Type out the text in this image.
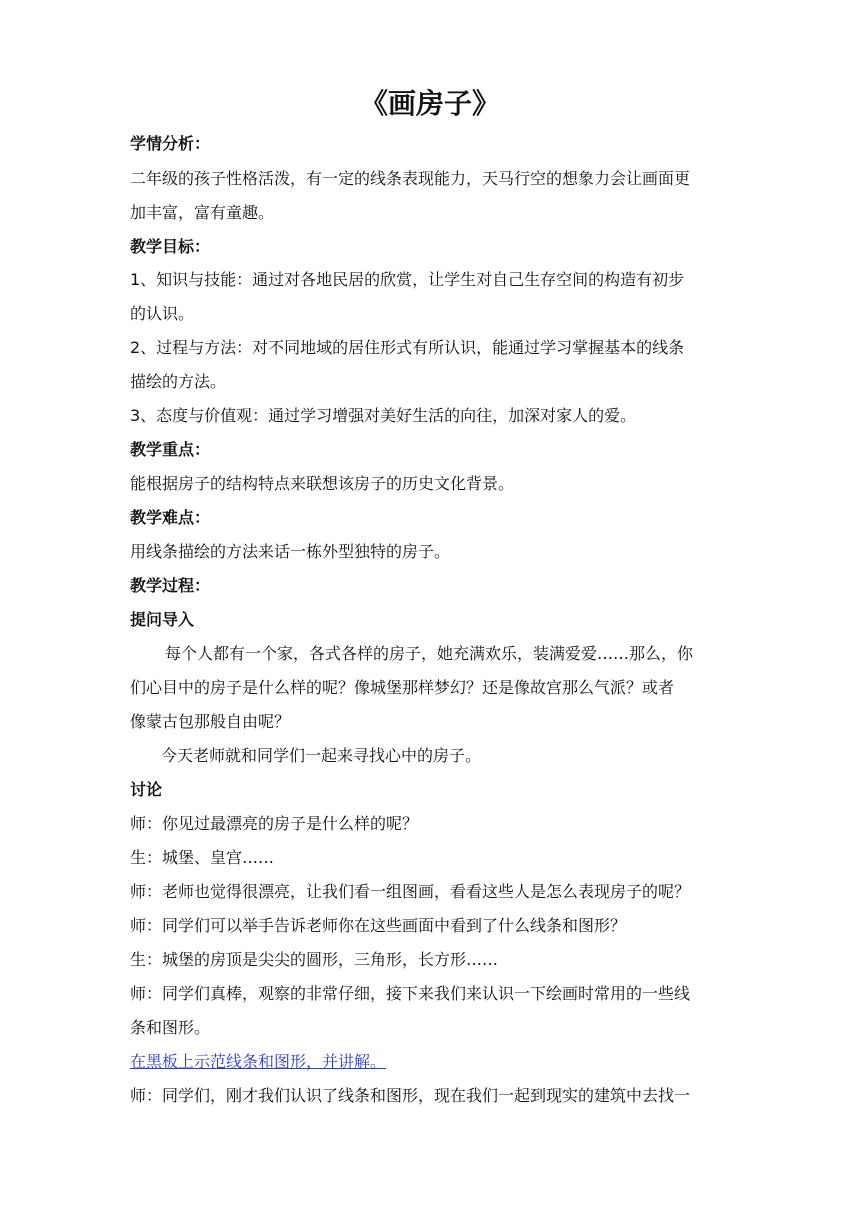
《画房子》
学情分析：
二年级的孩子性格活泼，有一定的线条表现能力，天马行空的想象力会让画面更
加丰富，富有童趣。
教学目标：
1、知识与技能：通过对各地民居的欣赏，让学生对自己生存空间的构造有初步
的认识。
2、过程与方法：对不同地域的居住形式有所认识，能通过学习掌握基本的线条
描绘的方法。
3、态度与价值观：通过学习增强对美好生活的向往，加深对家人的爱。
教学重点：
能根据房子的结构特点来联想该房子的历史文化背景。
教学难点：
用线条描绘的方法来话一栋外型独特的房子。
教学过程：
提问导入
每个人都有一个家，各式各样的房子，她充满欢乐，装满爱爱……那么，你
们心目中的房子是什么样的呢？像城堡那样梦幻？还是像故宫那么气派？或者
像蒙古包那般自由呢？
今天老师就和同学们一起来寻找心中的房子。
讨论
师：你见过最漂亮的房子是什么样的呢？
生：城堡、皇宫……
师：老师也觉得很漂亮，让我们看一组图画，看看这些人是怎么表现房子的呢？
师：同学们可以举手告诉老师你在这些画面中看到了什么线条和图形？
生：城堡的房顶是尖尖的圆形，三角形，长方形……
师：同学们真棒，观察的非常仔细，接下来我们来认识一下绘画时常用的一些线
条和图形。
在黑板上示范线条和图形，并讲解。
师：同学们，刚才我们认识了线条和图形，现在我们一起到现实的建筑中去找一
